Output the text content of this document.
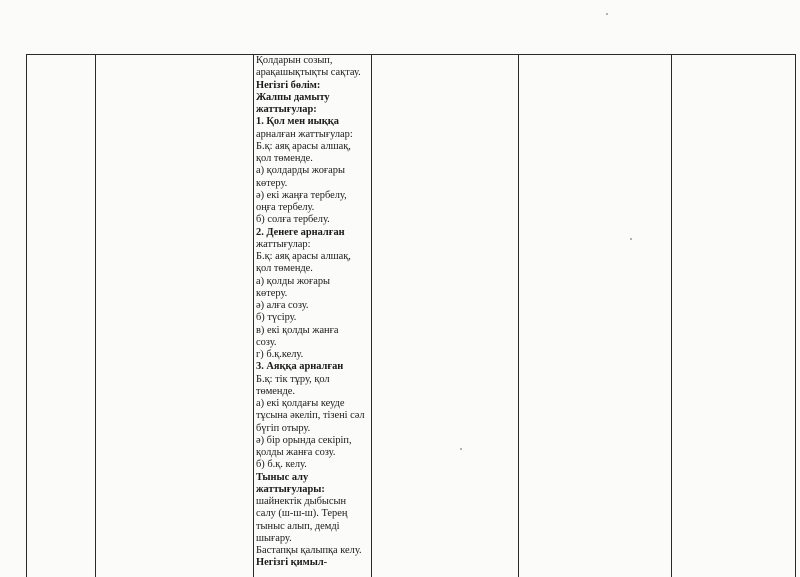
Қолдарын созып,
арақашықтықты сақтау.
Негізгі бөлім:
Жалпы дамыту
жаттығулар:
1. Қол мен иыққа
арналған жаттығулар:
Б.қ: аяқ арасы алшақ,
қол төменде.
а) қолдарды жоғары
көтеру.
ә) екі жаңға тербелу,
оңға тербелу.
б) солға тербелу.
2. Денеге арналған
жаттығулар:
Б.қ: аяқ арасы алшақ,
қол төменде.
а) қолды жоғары
көтеру.
ә) алға созу.
б) түсіру.
в) екі қолды жанға
созу.
г) б.қ.келу.
3. Аяққа арналған
Б.қ: тік тұру, қол
төменде.
а) екі қолдағы кеуде
тұсына әкеліп, тізені сәл
бүгіп отыру.
ә) бір орында секіріп,
қолды жанға созу.
б) б.қ. келу.
Тыныс алу
жаттығулары:
шайнектік дыбысын
салу (ш-ш-ш). Терең
тыныс алып, демді
шығару.
Бастапқы қалыпқа келу.
Негізгі қимыл-
